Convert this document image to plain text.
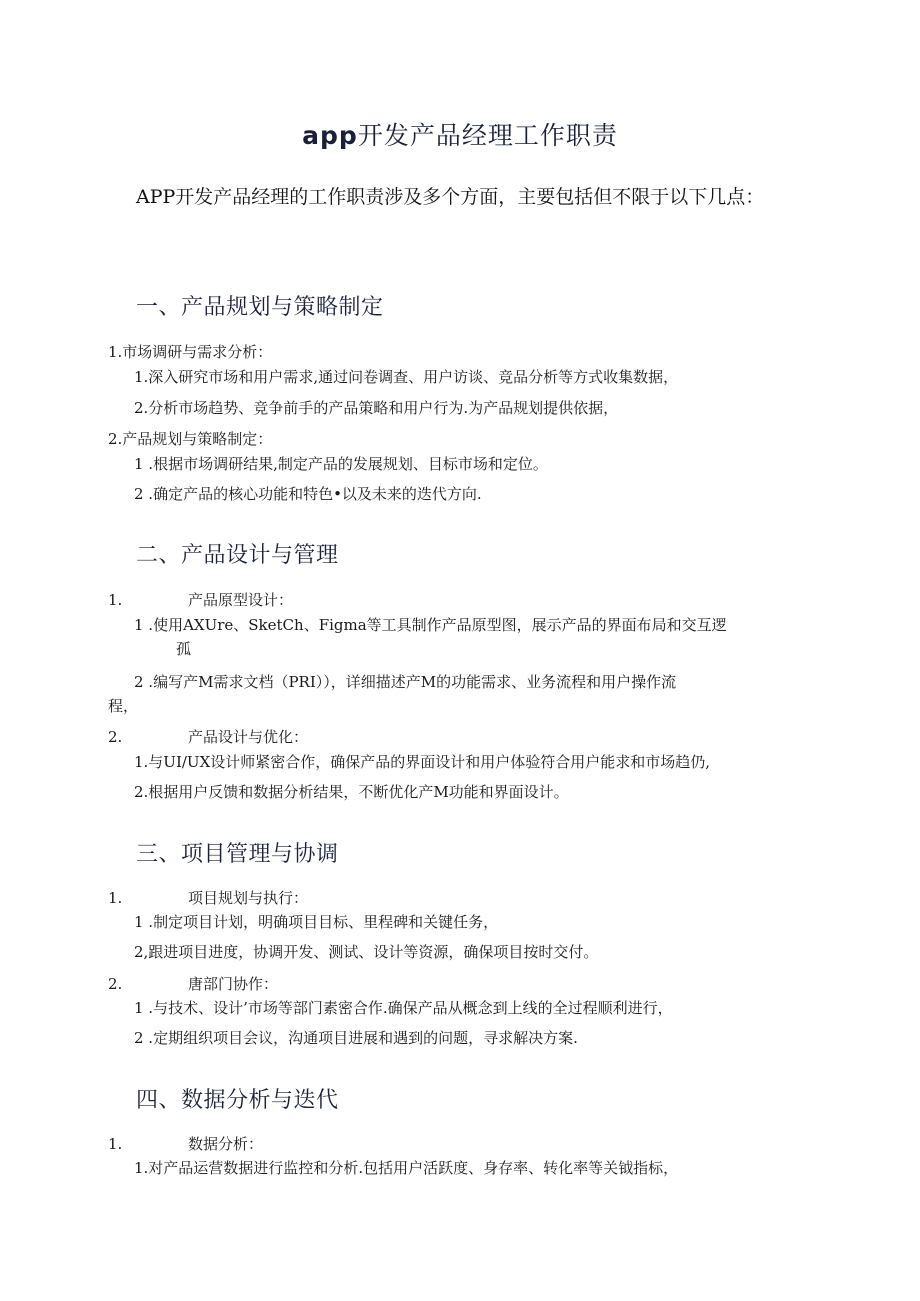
app开发产品经理工作职责
APP开发产品经理的工作职责涉及多个方面，主要包括但不限于以下几点：
一、产品规划与策略制定
1.市场调研与需求分析：
1.深入研究市场和用户需求,通过问卷调查、用户访谈、竞品分析等方式收集数据，
2.分析市场趋势、竞争前手的产品策略和用户行为.为产品规划提供依据，
2.产品规划与策略制定：
1 .根据市场调研结果,制定产品的发展规划、目标市场和定位。
2 .确定产品的核心功能和特色•以及未来的迭代方向.
二、产品设计与管理
1.	产品原型设计：
1 .使用AXUre、SketCh、Figma等工具制作产品原型图，展示产品的界面布局和交互逻
孤
2 .编写产M需求文档（PRI）），详细描述产M的功能需求、业务流程和用户操作流
程，
2.	产品设计与优化：
1.与UI/UX设计师紧密合作，确保产品的界面设计和用户体验符合用户能求和市场趋仍,
2.根据用户反馈和数据分析结果，不断优化产M功能和界面设计。
三、项目管理与协调
1.	项目规划与执行：
1 .制定项目计划，明确项目目标、里程碑和关键任务，
2,跟进项目进度，协调开发、测试、设计等资源，确保项目按时交付。
2.	唐部门协作：
1 .与技术、设计’市场等部门素密合作.确保产品从概念到上线的全过程顺利进行，
2 .定期组织项目会议，沟通项目进展和遇到的问题，寻求解决方案.
四、数据分析与迭代
1.	数据分析：
1.对产品运营数据进行监控和分析.包括用户活跃度、身存率、转化率等关钺指标，
